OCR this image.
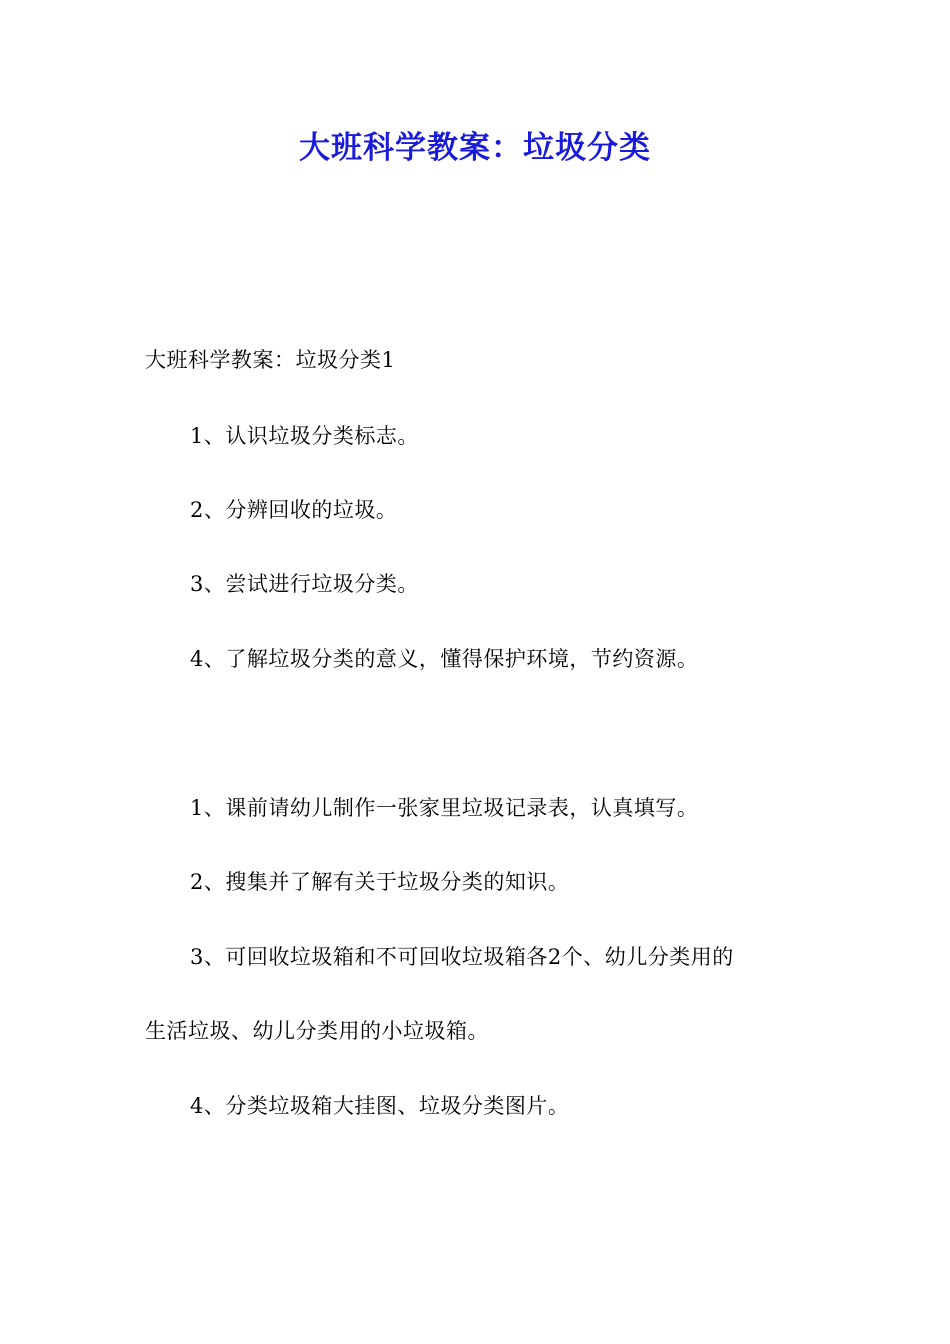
大班科学教案：垃圾分类
大班科学教案：垃圾分类1
1、认识垃圾分类标志。
2、分辨回收的垃圾。
3、尝试进行垃圾分类。
4、了解垃圾分类的意义，懂得保护环境，节约资源。
1、课前请幼儿制作一张家里垃圾记录表，认真填写。
2、搜集并了解有关于垃圾分类的知识。
3、可回收垃圾箱和不可回收垃圾箱各2个、幼儿分类用的
生活垃圾、幼儿分类用的小垃圾箱。
4、分类垃圾箱大挂图、垃圾分类图片。
